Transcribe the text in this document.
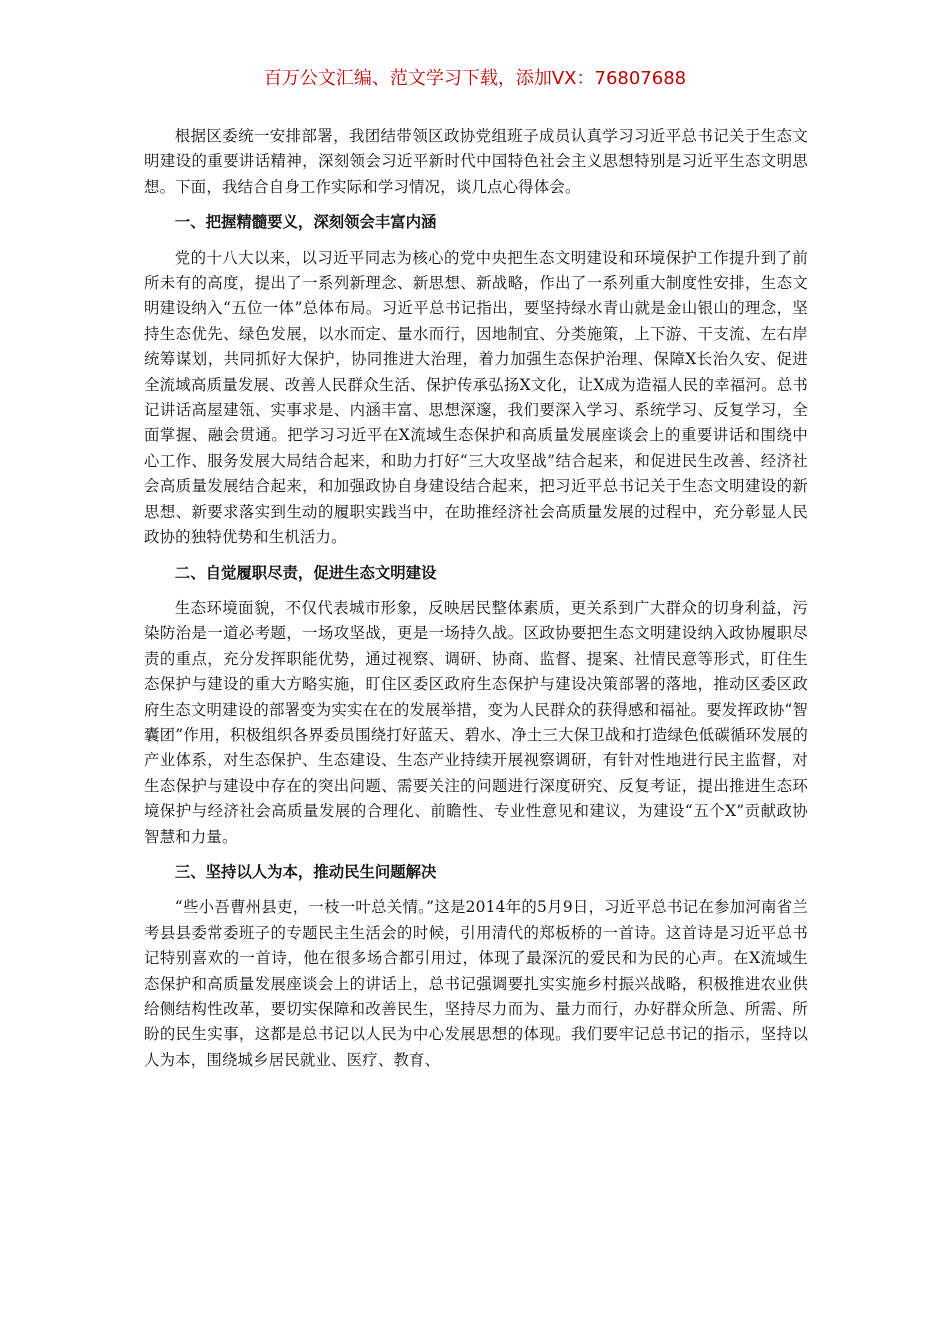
百万公文汇编、范文学习下载，添加VX：76807688

根据区委统一安排部署，我团结带领区政协党组班子成员认真学习习近平总书记关于生态文明建设的重要讲话精神，深刻领会习近平新时代中国特色社会主义思想特别是习近平生态文明思想。下面，我结合自身工作实际和学习情况，谈几点心得体会。

一、把握精髓要义，深刻领会丰富内涵

党的十八大以来，以习近平同志为核心的党中央把生态文明建设和环境保护工作提升到了前所未有的高度，提出了一系列新理念、新思想、新战略，作出了一系列重大制度性安排，生态文明建设纳入“五位一体”总体布局。习近平总书记指出，要坚持绿水青山就是金山银山的理念，坚持生态优先、绿色发展，以水而定、量水而行，因地制宜、分类施策，上下游、干支流、左右岸统筹谋划，共同抓好大保护，协同推进大治理，着力加强生态保护治理、保障X长治久安、促进全流域高质量发展、改善人民群众生活、保护传承弘扬X文化，让X成为造福人民的幸福河。总书记讲话高屋建瓴、实事求是、内涵丰富、思想深邃，我们要深入学习、系统学习、反复学习，全面掌握、融会贯通。把学习习近平在X流域生态保护和高质量发展座谈会上的重要讲话和围绕中心工作、服务发展大局结合起来，和助力打好“三大攻坚战”结合起来，和促进民生改善、经济社会高质量发展结合起来，和加强政协自身建设结合起来，把习近平总书记关于生态文明建设的新思想、新要求落实到生动的履职实践当中，在助推经济社会高质量发展的过程中，充分彰显人民政协的独特优势和生机活力。

二、自觉履职尽责，促进生态文明建设

生态环境面貌，不仅代表城市形象，反映居民整体素质，更关系到广大群众的切身利益，污染防治是一道必考题，一场攻坚战，更是一场持久战。区政协要把生态文明建设纳入政协履职尽责的重点，充分发挥职能优势，通过视察、调研、协商、监督、提案、社情民意等形式，盯住生态保护与建设的重大方略实施，盯住区委区政府生态保护与建设决策部署的落地，推动区委区政府生态文明建设的部署变为实实在在的发展举措，变为人民群众的获得感和福祉。要发挥政协“智囊团”作用，积极组织各界委员围绕打好蓝天、碧水、净土三大保卫战和打造绿色低碳循环发展的产业体系，对生态保护、生态建设、生态产业持续开展视察调研，有针对性地进行民主监督，对生态保护与建设中存在的突出问题、需要关注的问题进行深度研究、反复考证，提出推进生态环境保护与经济社会高质量发展的合理化、前瞻性、专业性意见和建议，为建设“五个X”贡献政协智慧和力量。

三、坚持以人为本，推动民生问题解决

“些小吾曹州县吏，一枝一叶总关情。”这是2014年的5月9日，习近平总书记在参加河南省兰考县县委常委班子的专题民主生活会的时候，引用清代的郑板桥的一首诗。这首诗是习近平总书记特别喜欢的一首诗，他在很多场合都引用过，体现了最深沉的爱民和为民的心声。在X流域生态保护和高质量发展座谈会上的讲话上，总书记强调要扎实实施乡村振兴战略，积极推进农业供给侧结构性改革，要切实保障和改善民生，坚持尽力而为、量力而行，办好群众所急、所需、所盼的民生实事，这都是总书记以人民为中心发展思想的体现。我们要牢记总书记的指示，坚持以人为本，围绕城乡居民就业、医疗、教育、
